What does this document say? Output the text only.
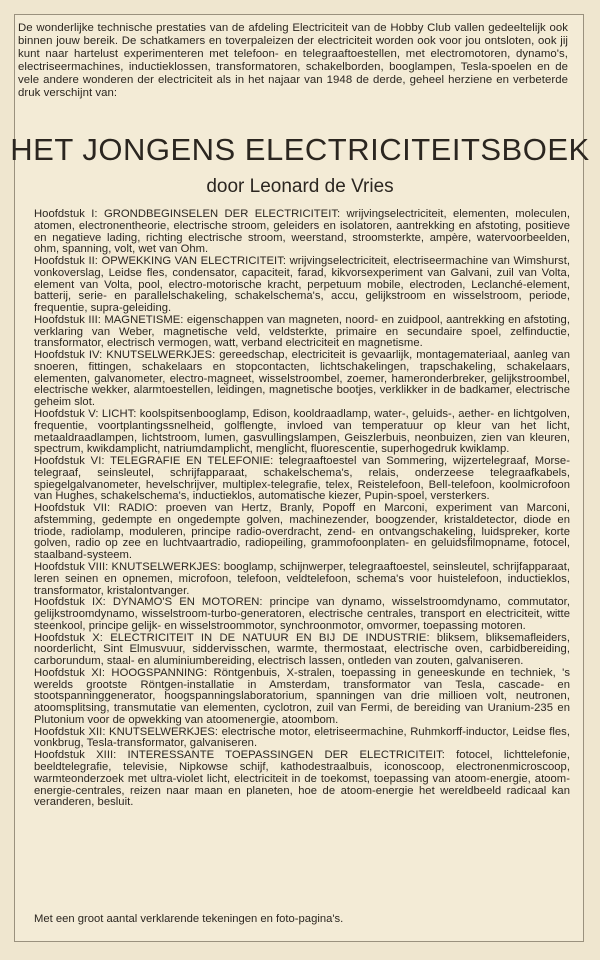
De wonderlijke technische prestaties van de afdeling Electriciteit van de Hobby Club vallen gedeeltelijk ook binnen jouw bereik. De schatkamers en toverpaleizen der electriciteit worden ook voor jou ontsloten, ook jij kunt naar hartelust experimenteren met telefoon- en telegraaftoestellen, met electromotoren, dynamo's, electriseermachines, inductieklossen, transformatoren, schakelborden, booglampen, Tesla-spoelen en de vele andere wonderen der electriciteit als in het najaar van 1948 de derde, geheel herziene en verbeterde druk verschijnt van:
HET JONGENS ELECTRICITEITSBOEK
door Leonard de Vries

Hoofdstuk I: GRONDBEGINSELEN DER ELECTRICITEIT: wrijvingselectriciteit, elementen, moleculen, atomen, electronentheorie, electrische stroom, geleiders en isolatoren, aantrekking en afstoting, positieve en negatieve lading, richting electrische stroom, weerstand, stroomsterkte, ampère, watervoorbeelden, ohm, spanning, volt, wet van Ohm.

Hoofdstuk II: OPWEKKING VAN ELECTRICITEIT: wrijvingselectriciteit, electriseermachine van Wimshurst, vonkoverslag, Leidse fles, condensator, capaciteit, farad, kikvorsexperiment van Galvani, zuil van Volta, element van Volta, pool, electro-motorische kracht, perpetuum mobile, electroden, Leclanché-element, batterij, serie- en parallelschakeling, schakelschema's, accu, gelijkstroom en wisselstroom, periode, frequentie, supra-geleiding.

Hoofdstuk III: MAGNETISME: eigenschappen van magneten, noord- en zuidpool, aantrekking en afstoting, verklaring van Weber, magnetische veld, veldsterkte, primaire en secundaire spoel, zelfinductie, transformator, electrisch vermogen, watt, verband electriciteit en magnetisme.

Hoofdstuk IV: KNUTSELWERKJES: gereedschap, electriciteit is gevaarlijk, montagemateriaal, aanleg van snoeren, fittingen, schakelaars en stopcontacten, lichtschakelingen, trapschakeling, schakelaars, elementen, galvanometer, electro-magneet, wisselstroombel, zoemer, hameronderbreker, gelijkstroombel, electrische wekker, alarmtoestellen, leidingen, magnetische bootjes, verklikker in de badkamer, electrische geheim slot.

Hoofdstuk V: LICHT: koolspitsenbooglamp, Edison, kooldraadlamp, water-, geluids-, aether- en lichtgolven, frequentie, voortplantingssnelheid, golflengte, invloed van temperatuur op kleur van het licht, metaaldraadlampen, lichtstroom, lumen, gasvullingslampen, Geiszlerbuis, neonbuizen, zien van kleuren, spectrum, kwikdamplicht, natriumdamplicht, menglicht, fluorescentie, superhogedruk kwiklamp.

Hoofdstuk VI: TELEGRAFIE EN TELEFONIE: telegraaftoestel van Sommering, wijzertelegraaf, Morse-telegraaf, seinsleutel, schrijfapparaat, schakelschema's, relais, onderzeese telegraafkabels, spiegelgalvanometer, hevelschrijver, multiplex-telegrafie, telex, Reistelefoon, Bell-telefoon, koolmicrofoon van Hughes, schakelschema's, inductieklos, automatische kiezer, Pupin-spoel, versterkers.

Hoofdstuk VII: RADIO: proeven van Hertz, Branly, Popoff en Marconi, experiment van Marconi, afstemming, gedempte en ongedempte golven, machinezender, boogzender, kristaldetector, diode en triode, radiolamp, moduleren, principe radio-overdracht, zend- en ontvangschakeling, luidspreker, korte golven, radio op zee en luchtvaartradio, radiopeiling, grammofoonplaten- en geluidsfilmopname, fotocel, staalband-systeem.

Hoofdstuk VIII: KNUTSELWERKJES: booglamp, schijnwerper, telegraaftoestel, seinsleutel, schrijfapparaat, leren seinen en opnemen, microfoon, telefoon, veldtelefoon, schema's voor huistelefoon, inductieklos, transformator, kristalontvanger.

Hoofdstuk IX: DYNAMO'S EN MOTOREN: principe van dynamo, wisselstroomdynamo, commutator, gelijkstroomdynamo, wisselstroom-turbo-generatoren, electrische centrales, transport en electriciteit, witte steenkool, principe gelijk- en wisselstroommotor, synchroonmotor, omvormer, toepassing motoren.

Hoofdstuk X: ELECTRICITEIT IN DE NATUUR EN BIJ DE INDUSTRIE: bliksem, bliksemafleiders, noorderlicht, Sint Elmusvuur, siddervisschen, warmte, thermostaat, electrische oven, carbidbereiding, carborundum, staal- en aluminiumbereiding, electrisch lassen, ontleden van zouten, galvaniseren.

Hoofdstuk XI: HOOGSPANNING: Röntgenbuis, X-stralen, toepassing in geneeskunde en techniek, 's werelds grootste Röntgen-installatie in Amsterdam, transformator van Tesla, cascade- en stootspanninggenerator, hoogspanningslaboratorium, spanningen van drie millioen volt, neutronen, atoomsplitsing, transmutatie van elementen, cyclotron, zuil van Fermi, de bereiding van Uranium-235 en Plutonium voor de opwekking van atoomenergie, atoombom.

Hoofdstuk XII: KNUTSELWERKJES: electrische motor, eletriseermachine, Ruhmkorff-inductor, Leidse fles, vonkbrug, Tesla-transformator, galvaniseren.

Hoofdstuk XIII: INTERESSANTE TOEPASSINGEN DER ELECTRICITEIT: fotocel, lichttelefonie, beeldtelegrafie, televisie, Nipkowse schijf, kathodestraalbuis, iconoscoop, electronenmicroscoop, warmteonderzoek met ultra-violet licht, electriciteit in de toekomst, toepassing van atoom-energie, atoom-energie-centrales, reizen naar maan en planeten, hoe de atoom-energie het wereldbeeld radicaal kan veranderen, besluit.

Met een groot aantal verklarende tekeningen en foto-pagina's.
